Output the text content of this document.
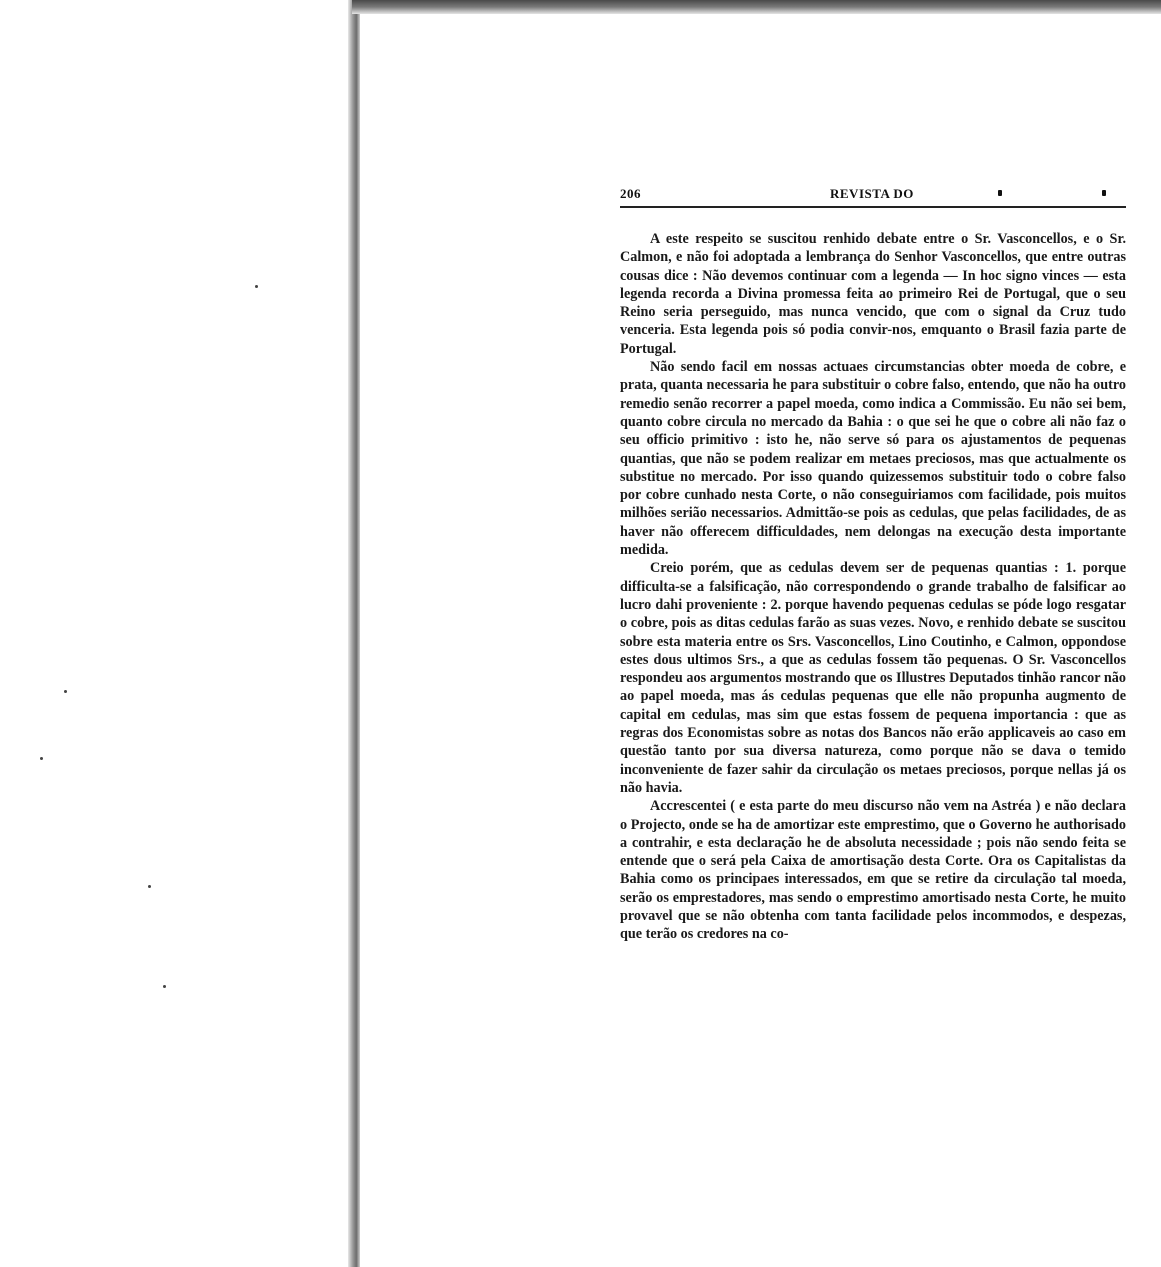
206	REVISTA DO

A este respeito se suscitou renhido debate entre o Sr. Vasconcellos, e o Sr. Calmon, e não foi adoptada a lembrança do Senhor Vasconcellos, que entre outras cousas dice : Não devemos continuar com a legenda — In hoc signo vinces — esta legenda recorda a Divina promessa feita ao primeiro Rei de Portugal, que o seu Reino seria perseguido, mas nunca vencido, que com o signal da Cruz tudo venceria. Esta legenda pois só podia convir-nos, emquanto o Brasil fazia parte de Portugal.

Não sendo facil em nossas actuaes circumstancias obter moeda de cobre, e prata, quanta necessaria he para substituir o cobre falso, entendo, que não ha outro remedio senão recorrer a papel moeda, como indica a Commissão. Eu não sei bem, quanto cobre circula no mercado da Bahia : o que sei he que o cobre ali não faz o seu officio primitivo : isto he, não serve só para os ajustamentos de pequenas quantias, que não se podem realizar em metaes preciosos, mas que actualmente os substitue no mercado. Por isso quando quizessemos substituir todo o cobre falso por cobre cunhado nesta Corte, o não conseguiriamos com facilidade, pois muitos milhões serião necessarios. Admittão-se pois as cedulas, que pelas facilidades, de as haver não offerecem difficuldades, nem delongas na execução desta importante medida.

Creio porém, que as cedulas devem ser de pequenas quantias : 1. porque difficulta-se a falsificação, não correspondendo o grande trabalho de falsificar ao lucro dahi proveniente : 2. porque havendo pequenas cedulas se póde logo resgatar o cobre, pois as ditas cedulas farão as suas vezes. Novo, e renhido debate se suscitou sobre esta materia entre os Srs. Vasconcellos, Lino Coutinho, e Calmon, oppondose estes dous ultimos Srs., a que as cedulas fossem tão pequenas. O Sr. Vasconcellos respondeu aos argumentos mostrando que os Illustres Deputados tinhão rancor não ao papel moeda, mas ás cedulas pequenas que elle não propunha augmento de capital em cedulas, mas sim que estas fossem de pequena importancia : que as regras dos Economistas sobre as notas dos Bancos não erão applicaveis ao caso em questão tanto por sua diversa natureza, como porque não se dava o temido inconveniente de fazer sahir da circulação os metaes preciosos, porque nellas já os não havia.

Accrescentei ( e esta parte do meu discurso não vem na Astréa ) e não declara o Projecto, onde se ha de amortizar este emprestimo, que o Governo he authorisado a contrahir, e esta declaração he de absoluta necessidade ; pois não sendo feita se entende que o será pela Caixa de amortisação desta Corte. Ora os Capitalistas da Bahia como os principaes interessados, em que se retire da circulação tal moeda, serão os emprestadores, mas sendo o emprestimo amortisado nesta Corte, he muito provavel que se não obtenha com tanta facilidade pelos incommodos, e despezas, que terão os credores na co-
